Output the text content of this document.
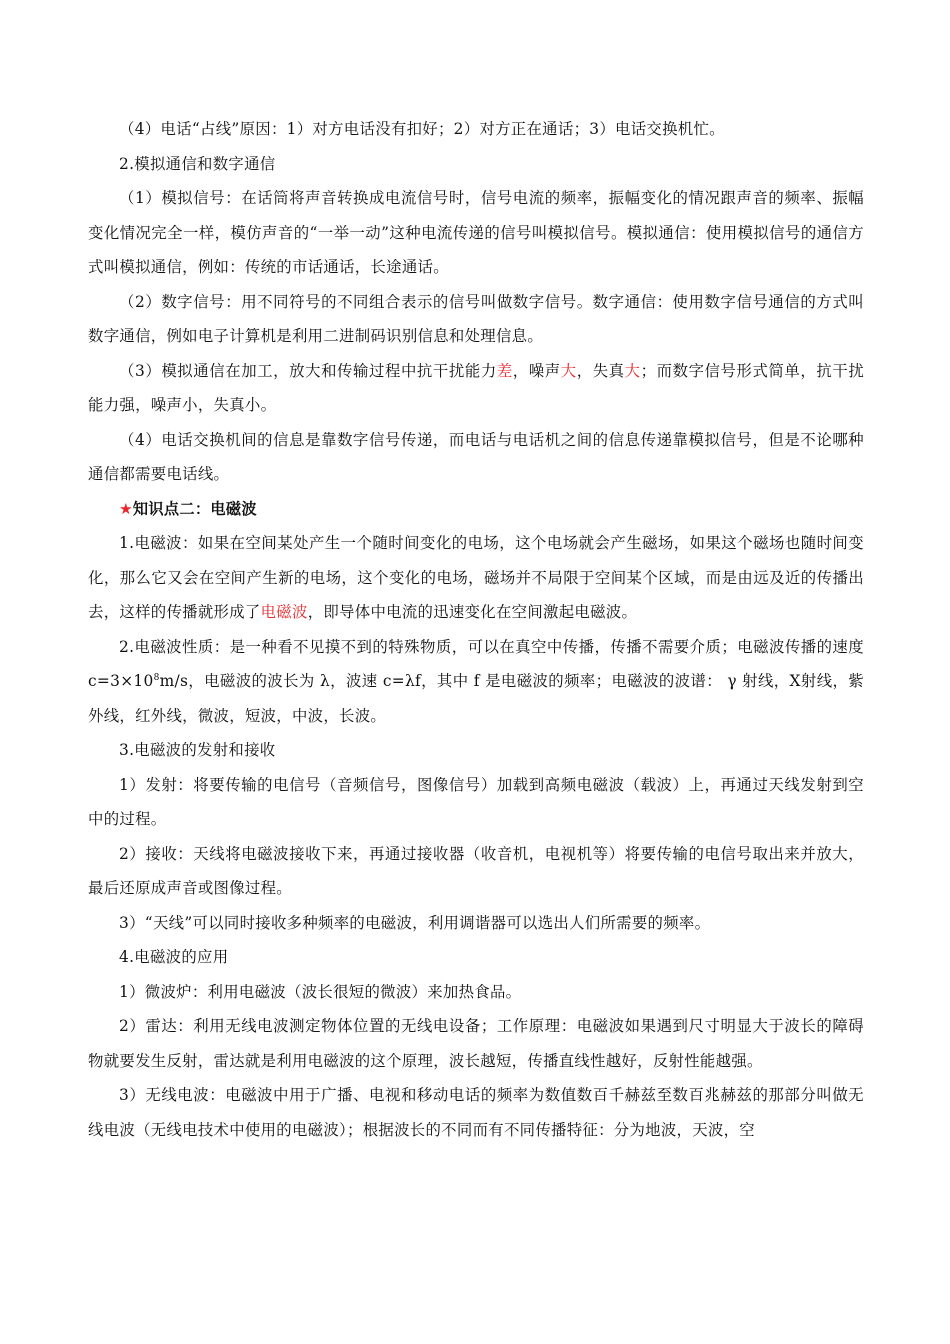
（4）电话“占线”原因：1）对方电话没有扣好；2）对方正在通话；3）电话交换机忙。

2.模拟通信和数字通信

（1）模拟信号：在话筒将声音转换成电流信号时，信号电流的频率，振幅变化的情况跟声音的频率、振幅变化情况完全一样，模仿声音的“一举一动”这种电流传递的信号叫模拟信号。模拟通信：使用模拟信号的通信方式叫模拟通信，例如：传统的市话通话，长途通话。

（2）数字信号：用不同符号的不同组合表示的信号叫做数字信号。数字通信：使用数字信号通信的方式叫数字通信，例如电子计算机是利用二进制码识别信息和处理信息。

（3）模拟通信在加工，放大和传输过程中抗干扰能力差，噪声大，失真大；而数字信号形式简单，抗干扰能力强，噪声小，失真小。

（4）电话交换机间的信息是靠数字信号传递，而电话与电话机之间的信息传递靠模拟信号，但是不论哪种通信都需要电话线。

★知识点二：电磁波

1.电磁波：如果在空间某处产生一个随时间变化的电场，这个电场就会产生磁场，如果这个磁场也随时间变化，那么它又会在空间产生新的电场，这个变化的电场，磁场并不局限于空间某个区域，而是由远及近的传播出去，这样的传播就形成了电磁波，即导体中电流的迅速变化在空间激起电磁波。

2.电磁波性质：是一种看不见摸不到的特殊物质，可以在真空中传播，传播不需要介质；电磁波传播的速度 $c=3\times 10^8m/s$，电磁波的波长为 λ，波速 c=λf，其中 f 是电磁波的频率；电磁波的波谱： γ 射线，X射线，紫外线，红外线，微波，短波，中波，长波。

3.电磁波的发射和接收

1）发射：将要传输的电信号（音频信号，图像信号）加载到高频电磁波（载波）上，再通过天线发射到空中的过程。

2）接收：天线将电磁波接收下来，再通过接收器（收音机，电视机等）将要传输的电信号取出来并放大，最后还原成声音或图像过程。

3）“天线”可以同时接收多种频率的电磁波，利用调谐器可以选出人们所需要的频率。

4.电磁波的应用

1）微波炉：利用电磁波（波长很短的微波）来加热食品。

2）雷达：利用无线电波测定物体位置的无线电设备；工作原理：电磁波如果遇到尺寸明显大于波长的障碍物就要发生反射，雷达就是利用电磁波的这个原理，波长越短，传播直线性越好，反射性能越强。

3）无线电波：电磁波中用于广播、电视和移动电话的频率为数值数百千赫兹至数百兆赫兹的那部分叫做无线电波（无线电技术中使用的电磁波）；根据波长的不同而有不同传播特征：分为地波，天波，空
